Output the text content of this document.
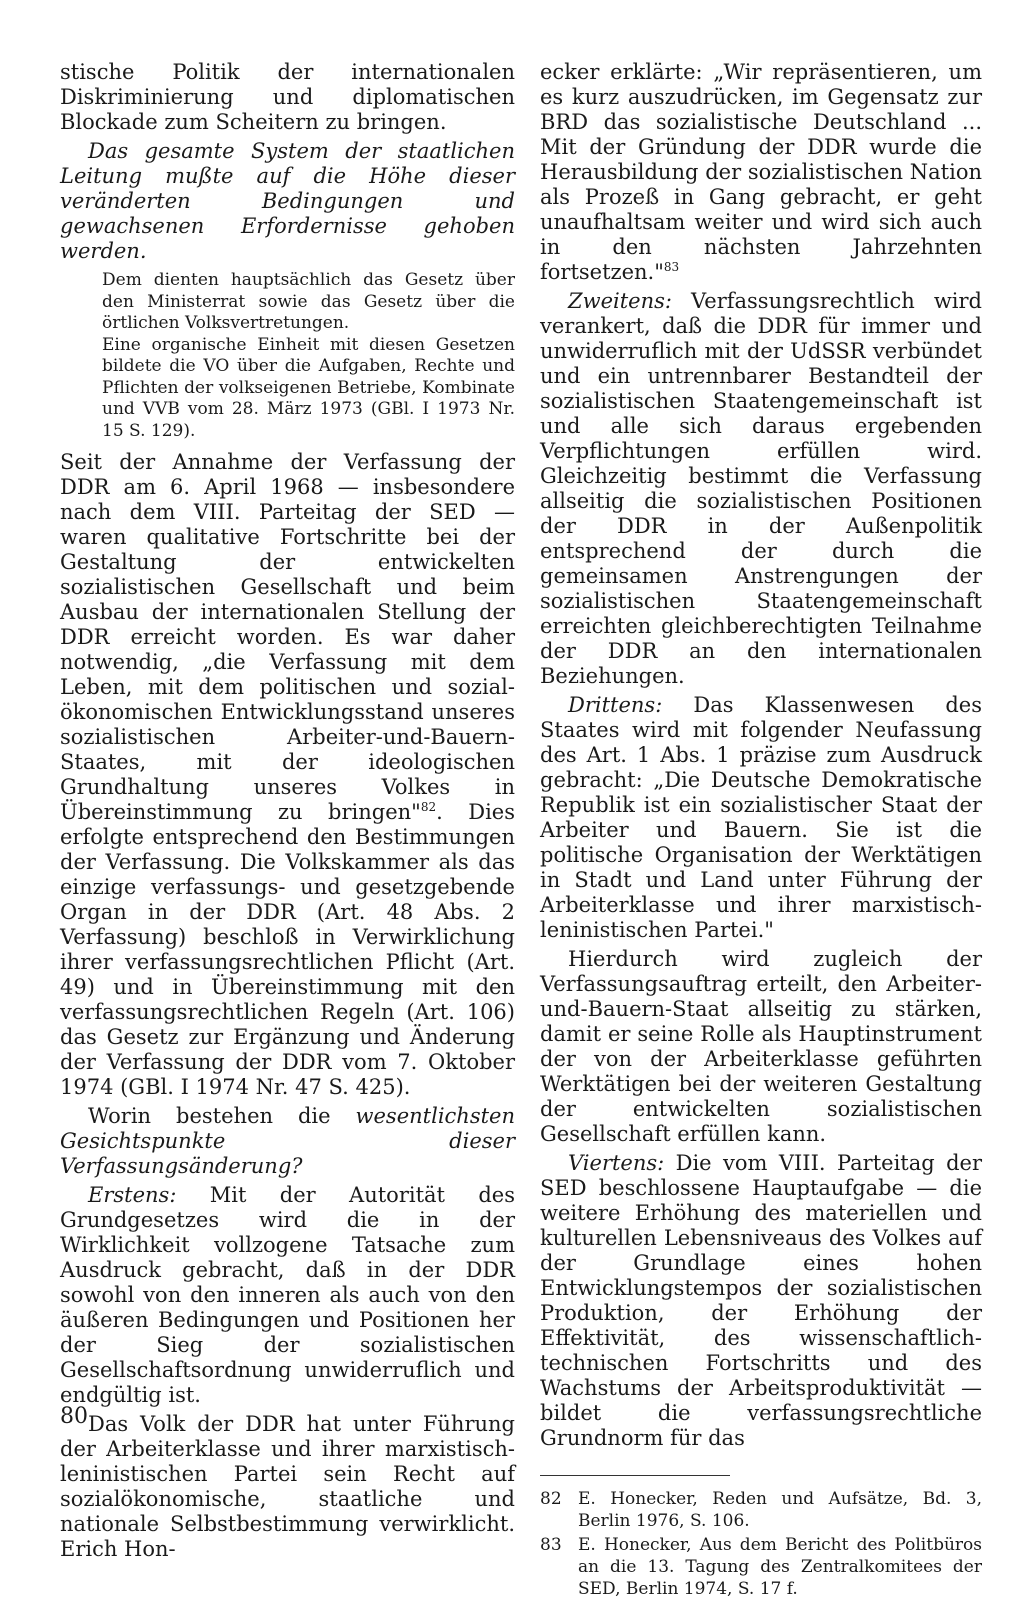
stische Politik der internationalen Diskriminierung und diplomatischen Blockade zum Scheitern zu bringen.

Das gesamte System der staatlichen Leitung mußte auf die Höhe dieser veränderten Bedingungen und gewachsenen Erfordernisse gehoben werden.

Dem dienten hauptsächlich das Gesetz über den Ministerrat sowie das Gesetz über die örtlichen Volksvertretungen.

Eine organische Einheit mit diesen Gesetzen bildete die VO über die Aufgaben, Rechte und Pflichten der volkseigenen Betriebe, Kombinate und VVB vom 28. März 1973 (GBl. I 1973 Nr. 15 S. 129).

Seit der Annahme der Verfassung der DDR am 6. April 1968 — insbesondere nach dem VIII. Parteitag der SED — waren qualitative Fortschritte bei der Gestaltung der entwickelten sozialistischen Gesellschaft und beim Ausbau der internationalen Stellung der DDR erreicht worden. Es war daher notwendig, „die Verfassung mit dem Leben, mit dem politischen und sozial-ökonomischen Entwicklungsstand unseres sozialistischen Arbeiter-und-Bauern-Staates, mit der ideologischen Grundhaltung unseres Volkes in Übereinstimmung zu bringen"$^{82}$. Dies erfolgte entsprechend den Bestimmungen der Verfassung. Die Volkskammer als das einzige verfassungs- und gesetzgebende Organ in der DDR (Art. 48 Abs. 2 Verfassung) beschloß in Verwirklichung ihrer verfassungsrechtlichen Pflicht (Art. 49) und in Übereinstimmung mit den verfassungsrechtlichen Regeln (Art. 106) das Gesetz zur Ergänzung und Änderung der Verfassung der DDR vom 7. Oktober 1974 (GBl. I 1974 Nr. 47 S. 425).

Worin bestehen die wesentlichsten Gesichtspunkte dieser Verfassungsänderung?

Erstens: Mit der Autorität des Grundgesetzes wird die in der Wirklichkeit vollzogene Tatsache zum Ausdruck gebracht, daß in der DDR sowohl von den inneren als auch von den äußeren Bedingungen und Positionen her der Sieg der sozialistischen Gesellschaftsordnung unwiderruflich und endgültig ist.

Das Volk der DDR hat unter Führung der Arbeiterklasse und ihrer marxistisch-leninistischen Partei sein Recht auf sozialökonomische, staatliche und nationale Selbstbestimmung verwirklicht. Erich Hon-

ecker erklärte: „Wir repräsentieren, um es kurz auszudrücken, im Gegensatz zur BRD das sozialistische Deutschland ... Mit der Gründung der DDR wurde die Herausbildung der sozialistischen Nation als Prozeß in Gang gebracht, er geht unaufhaltsam weiter und wird sich auch in den nächsten Jahrzehnten fortsetzen."$^{83}$

Zweitens: Verfassungsrechtlich wird verankert, daß die DDR für immer und unwiderruflich mit der UdSSR verbündet und ein untrennbarer Bestandteil der sozialistischen Staatengemeinschaft ist und alle sich daraus ergebenden Verpflichtungen erfüllen wird. Gleichzeitig bestimmt die Verfassung allseitig die sozialistischen Positionen der DDR in der Außenpolitik entsprechend der durch die gemeinsamen Anstrengungen der sozialistischen Staatengemeinschaft erreichten gleichberechtigten Teilnahme der DDR an den internationalen Beziehungen.

Drittens: Das Klassenwesen des Staates wird mit folgender Neufassung des Art. 1 Abs. 1 präzise zum Ausdruck gebracht: „Die Deutsche Demokratische Republik ist ein sozialistischer Staat der Arbeiter und Bauern. Sie ist die politische Organisation der Werktätigen in Stadt und Land unter Führung der Arbeiterklasse und ihrer marxistisch-leninistischen Partei."

Hierdurch wird zugleich der Verfassungsauftrag erteilt, den Arbeiter-und-Bauern-Staat allseitig zu stärken, damit er seine Rolle als Hauptinstrument der von der Arbeiterklasse geführten Werktätigen bei der weiteren Gestaltung der entwickelten sozialistischen Gesellschaft erfüllen kann.

Viertens: Die vom VIII. Parteitag der SED beschlossene Hauptaufgabe — die weitere Erhöhung des materiellen und kulturellen Lebensniveaus des Volkes auf der Grundlage eines hohen Entwicklungstempos der sozialistischen Produktion, der Erhöhung der Effektivität, des wissenschaftlich-technischen Fortschritts und des Wachstums der Arbeitsproduktivität — bildet die verfassungsrechtliche Grundnorm für das

82 E. Honecker, Reden und Aufsätze, Bd. 3, Berlin 1976, S. 106.
83 E. Honecker, Aus dem Bericht des Politbüros an die 13. Tagung des Zentralkomitees der SED, Berlin 1974, S. 17 f.
80
